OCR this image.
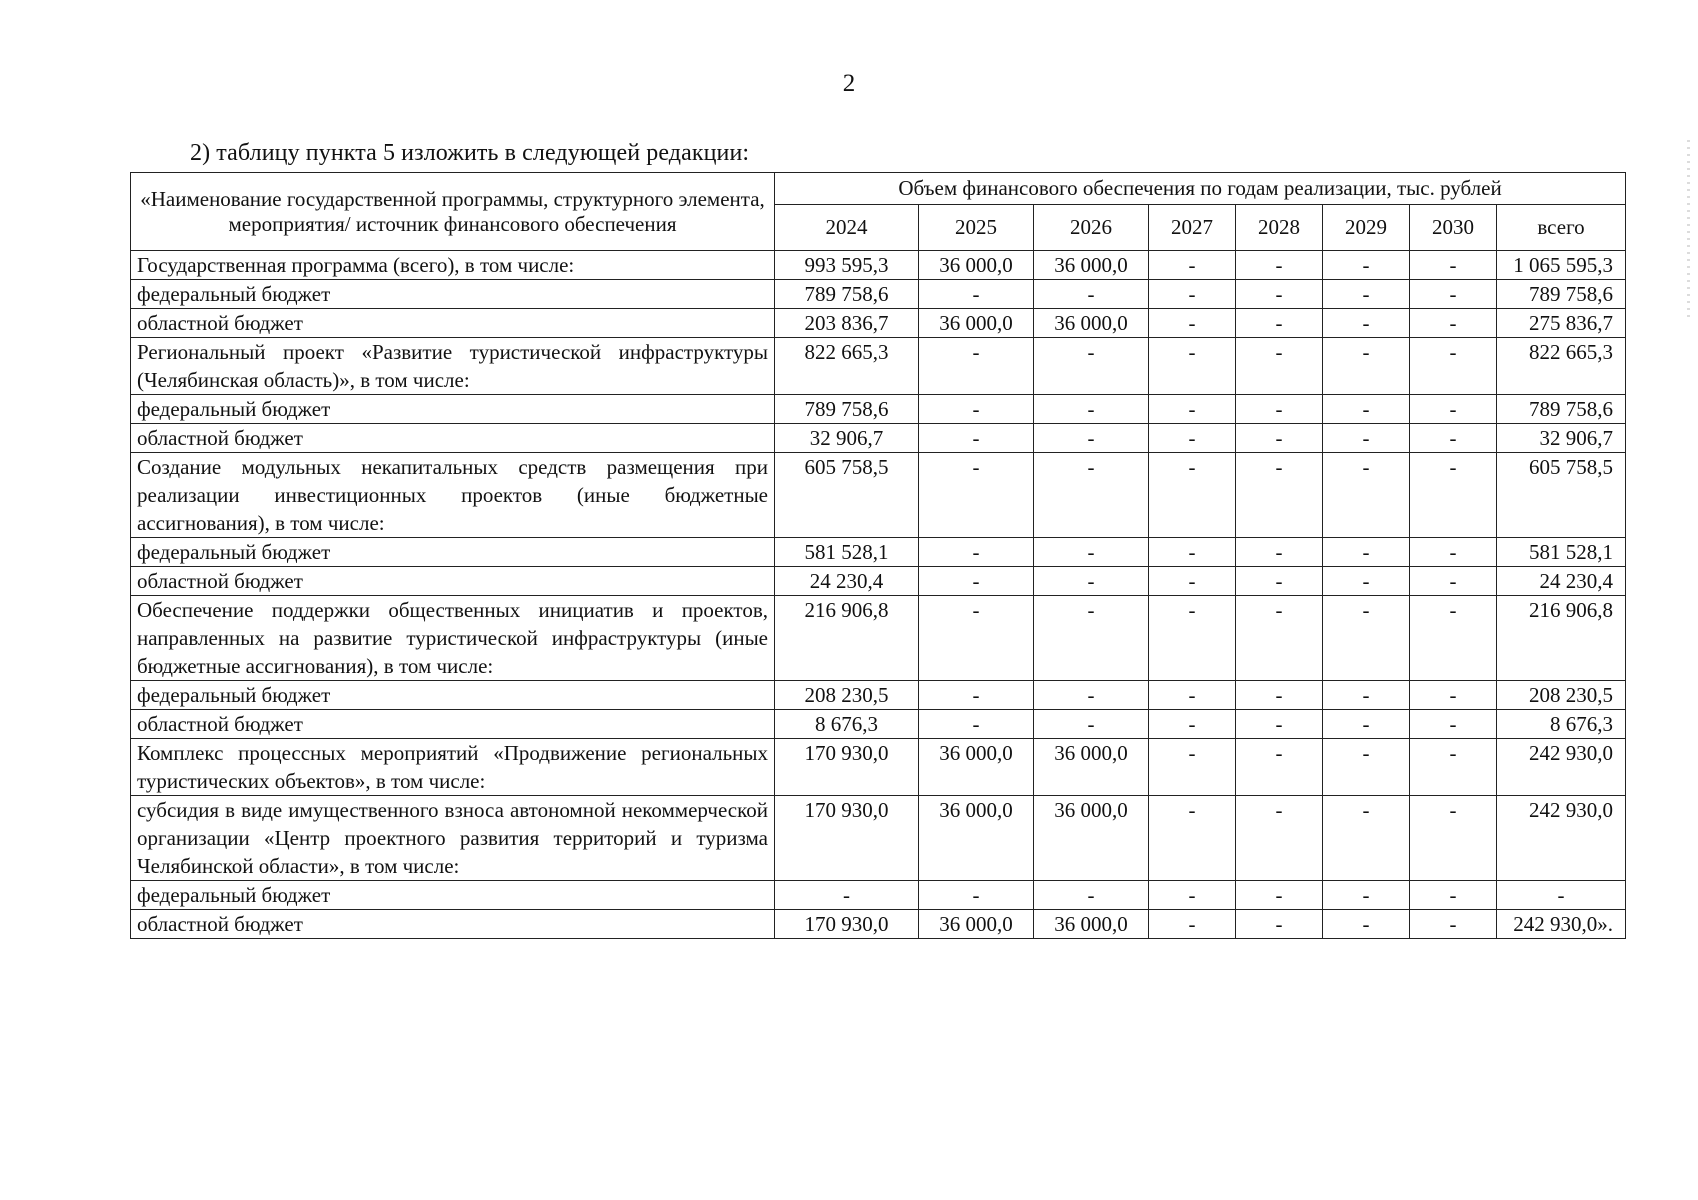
2
2) таблицу пункта 5 изложить в следующей редакции:
«Наименование государственной программы, структурного элемента, мероприятия/ источник финансового обеспечения	Объем финансового обеспечения по годам реализации, тыс. рублей							
	2024	2025	2026	2027	2028	2029	2030	всего
Государственная программа (всего), в том числе:	993 595,3	36 000,0	36 000,0	-	-	-	-	1 065 595,3
федеральный бюджет	789 758,6	-	-	-	-	-	-	789 758,6
областной бюджет	203 836,7	36 000,0	36 000,0	-	-	-	-	275 836,7
Региональный проект «Развитие туристической инфраструктуры (Челябинская область)», в том числе:	822 665,3	-	-	-	-	-	-	822 665,3
федеральный бюджет	789 758,6	-	-	-	-	-	-	789 758,6
областной бюджет	32 906,7	-	-	-	-	-	-	32 906,7
Создание модульных некапитальных средств размещения при реализации инвестиционных проектов (иные бюджетные ассигнования), в том числе:	605 758,5	-	-	-	-	-	-	605 758,5
федеральный бюджет	581 528,1	-	-	-	-	-	-	581 528,1
областной бюджет	24 230,4	-	-	-	-	-	-	24 230,4
Обеспечение поддержки общественных инициатив и проектов, направленных на развитие туристической инфраструктуры (иные бюджетные ассигнования), в том числе:	216 906,8	-	-	-	-	-	-	216 906,8
федеральный бюджет	208 230,5	-	-	-	-	-	-	208 230,5
областной бюджет	8 676,3	-	-	-	-	-	-	8 676,3
Комплекс процессных мероприятий «Продвижение региональных туристических объектов», в том числе:	170 930,0	36 000,0	36 000,0	-	-	-	-	242 930,0
субсидия в виде имущественного взноса автономной некоммерческой организации «Центр проектного развития территорий и туризма Челябинской области», в том числе:	170 930,0	36 000,0	36 000,0	-	-	-	-	242 930,0
федеральный бюджет	-	-	-	-	-	-	-	-
областной бюджет	170 930,0	36 000,0	36 000,0	-	-	-	-	242 930,0».
